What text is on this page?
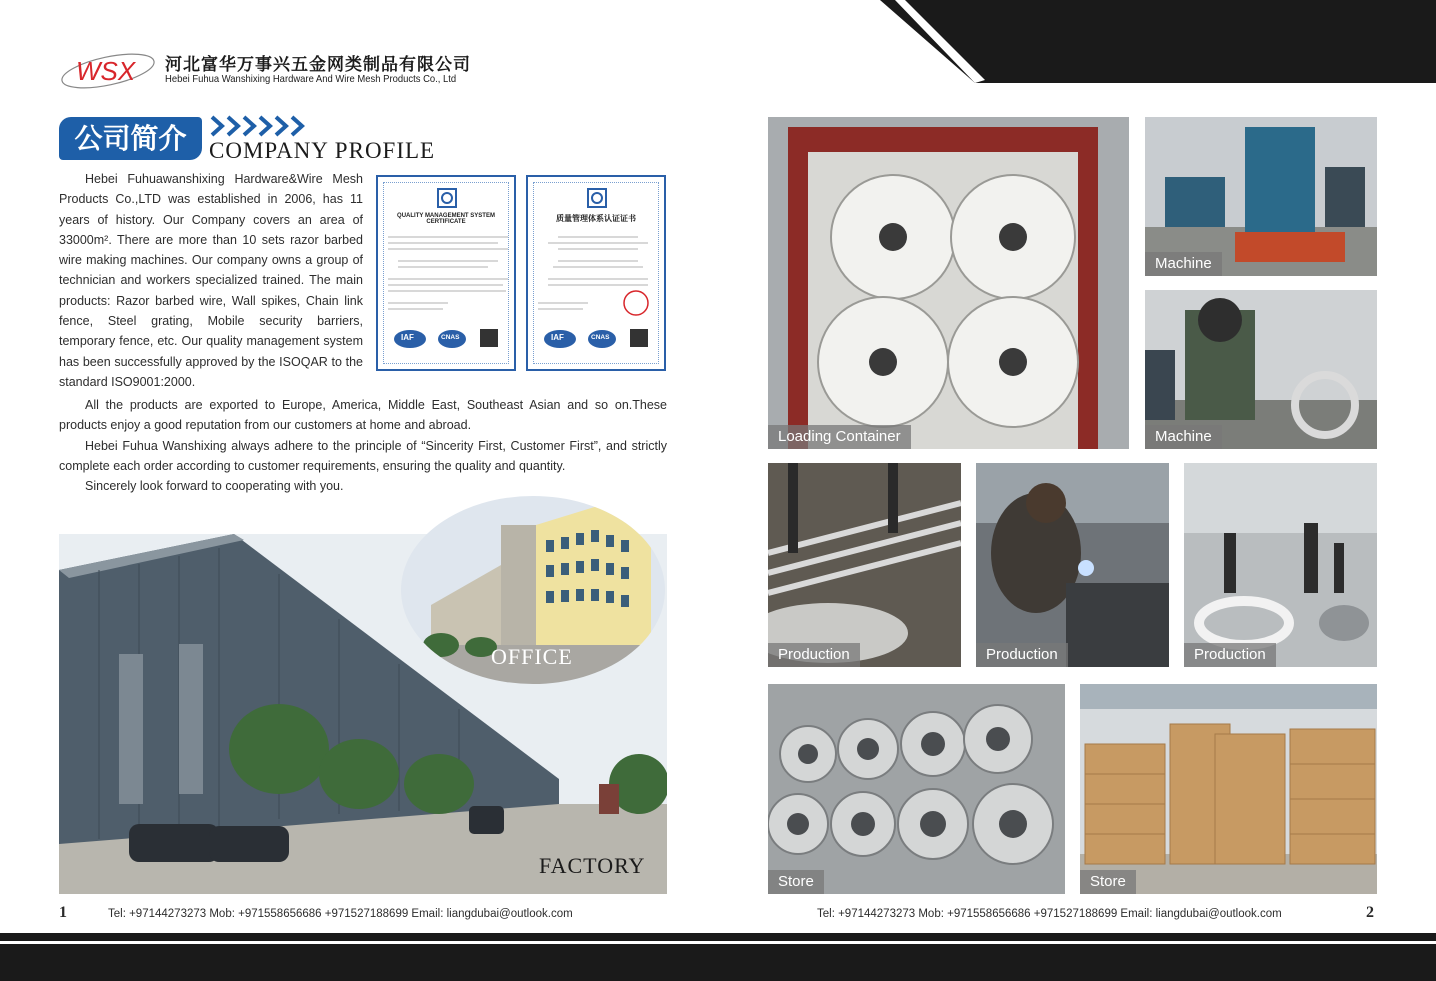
WSX 河北富华万事兴五金网类制品有限公司
Hebei Fuhua Wanshixing Hardware And Wire Mesh Products Co., Ltd
公司简介 COMPANY PROFILE
Hebei Fuhuawanshixing Hardware&Wire Mesh Products Co.,LTD was established in 2006, has 11 years of history. Our Company covers an area of 33000m². There are more than 10 sets razor barbed wire making machines. Our company owns a group of technician and workers specialized trained. The main products: Razor barbed wire, Wall spikes, Chain link fence, Steel grating, Mobile security barriers, temporary fence, etc. Our quality management system has been successfully approved by the ISOQAR to the standard ISO9001:2000.

All the products are exported to Europe, America, Middle East, Southeast Asian and so on.These products enjoy a good reputation from our customers at home and abroad.

Hebei Fuhua Wanshixing always adhere to the principle of “Sincerity First, Customer First”, and strictly complete each order according to customer requirements, ensuring the quality and quantity.

Sincerely look forward to cooperating with you.

QUALITY MANAGEMENT SYSTEM CERTIFICATE
IAF	CNAS
质量管理体系认证证书
IAF	CNAS
FACTORY
OFFICE
Loading Container
Machine
Machine
Production	Production	Production
Store	Store
1	Tel: +97144273273 Mob: +971558656686 +971527188699 Email: liangdubai@outlook.com	Tel: +97144273273 Mob: +971558656686 +971527188699 Email: liangdubai@outlook.com	2
